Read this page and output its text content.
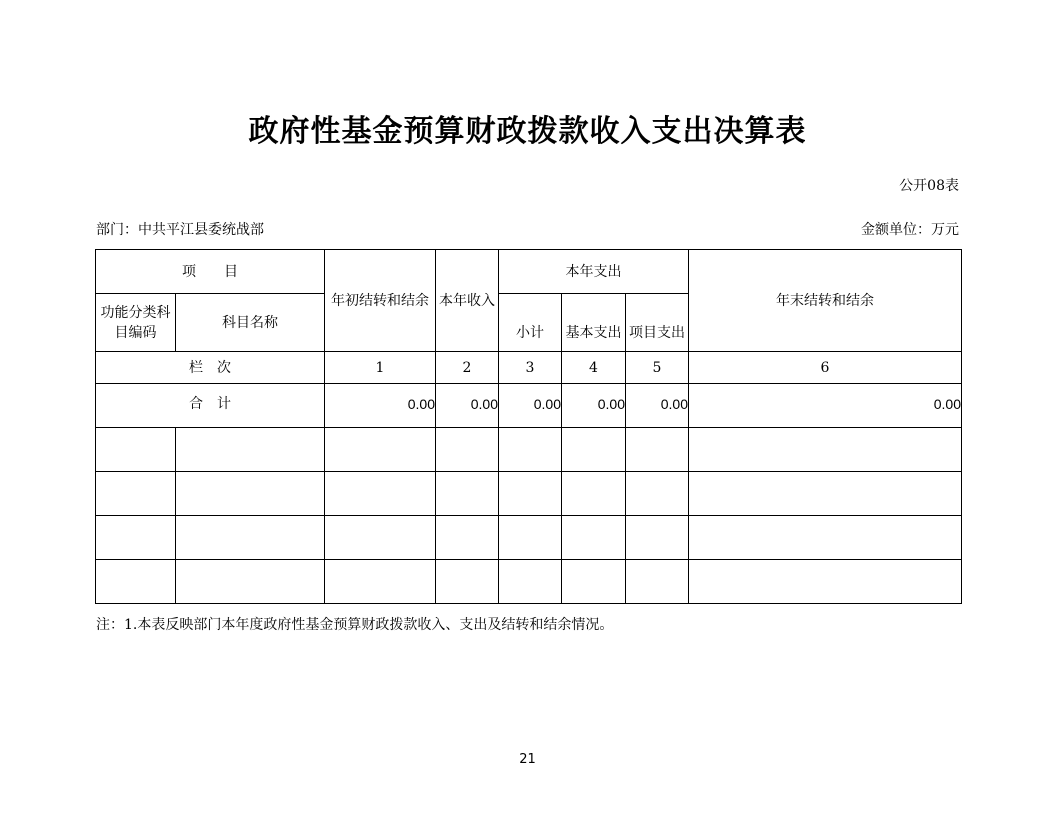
政府性基金预算财政拨款收入支出决算表
公开08表
部门：中共平江县委统战部	金额单位：万元
项　　目		年初结转和结余	本年收入	本年支出			年末结转和结余
功能分类科目编码	科目名称			小计	基本支出	项目支出	
栏　次		1	2	3	4	5	6
合　计		0.00	0.00	0.00	0.00	0.00	0.00

注：1.本表反映部门本年度政府性基金预算财政拨款收入、支出及结转和结余情况。
21
